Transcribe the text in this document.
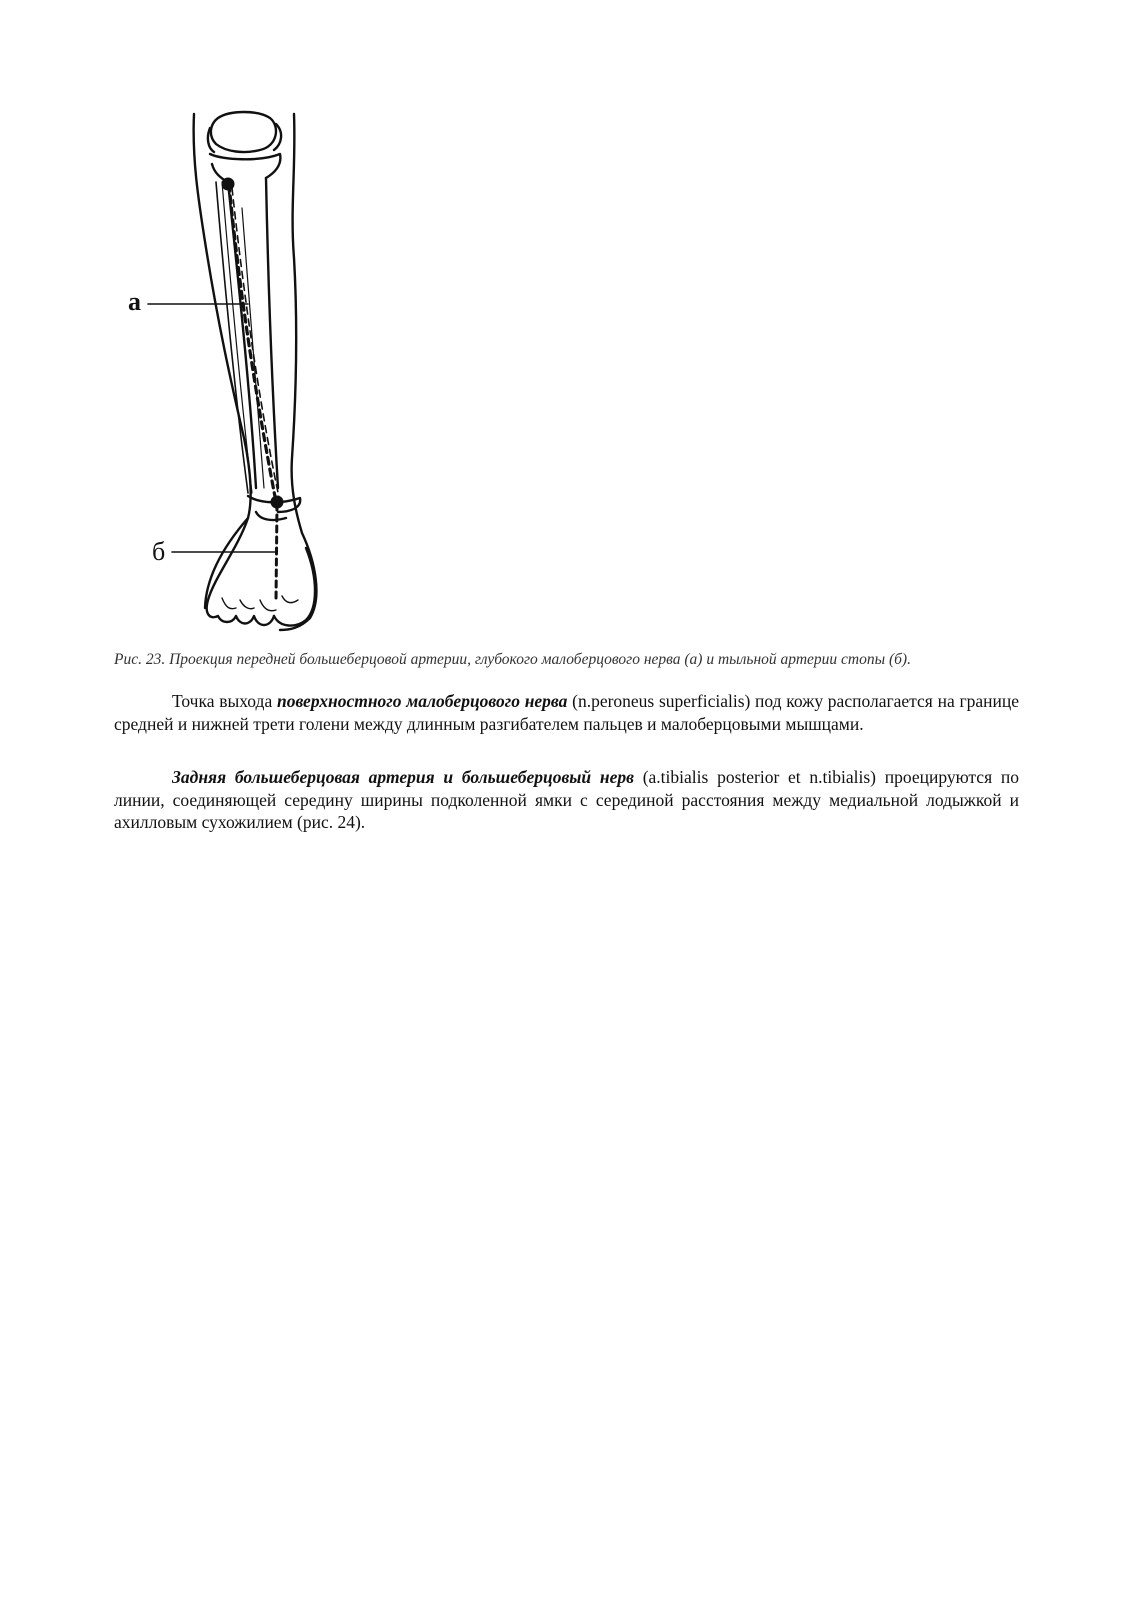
а
б
Рис. 23. Проекция передней большеберцовой артерии, глубокого малоберцового нерва (а) и тыльной артерии стопы (б).

Точка выхода поверхностного малоберцового нерва (n.peroneus superficialis) под кожу располагается на границе средней и нижней трети голени между длинным разгибателем пальцев и малоберцовыми мышцами.

Задняя большеберцовая артерия и большеберцовый нерв (a.tibialis posterior et n.tibialis) проецируются по линии, соединяющей середину ширины подколенной ямки с серединой расстояния между медиальной лодыжкой и ахилловым сухожилием (рис. 24).
